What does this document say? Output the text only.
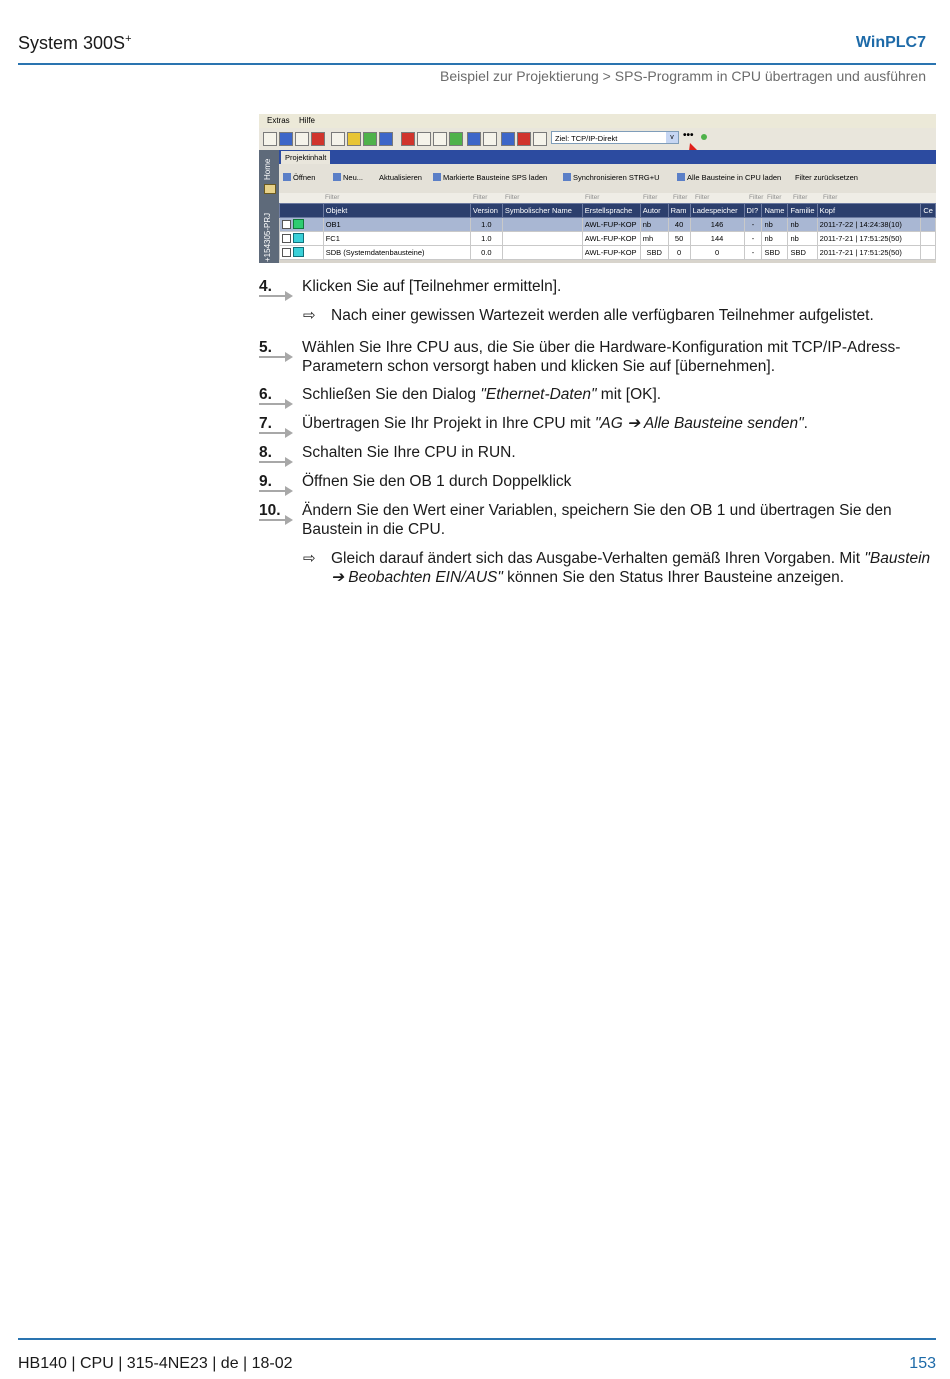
System 300S+	WinPLC7
Beispiel zur Projektierung > SPS-Programm in CPU übertragen und ausführen
Extras Hilfe
Ziel: TCP/IP-Direkt	v •••
Home
+154305-PRJ
Projektinhalt
Öffnen	Neu... Aktualisieren	Markierte Bausteine SPS laden	Synchronisieren STRG+U	Alle Bausteine in CPU laden Filter zurücksetzen
Filter	Filter	Filter	Filter	Filter Filter Filter	Filter Filter Filter Filter
	Objekt	Version	Symbolischer Name	Erstellsprache	Autor	Ram	Ladespeicher	DI?	Name	Familie	Kopf	Ce
	OB1	1.0		AWL-FUP-KOP	nb	40	146	-	nb	nb	2011-7-22 | 14:24:38(10)	
	FC1	1.0		AWL-FUP-KOP	mh	50	144	-	nb	nb	2011-7-21 | 17:51:25(50)	
	SDB (Systemdatenbausteine)	0.0		AWL-FUP-KOP	SBD	0	0	-	SBD	SBD	2011-7-21 | 17:51:25(50)	
4.	Klicken Sie auf [Teilnehmer ermitteln].
⇨ Nach einer gewissen Wartezeit werden alle verfügbaren Teilnehmer aufgelistet.
5.	Wählen Sie Ihre CPU aus, die Sie über die Hardware-Konfiguration mit TCP/IP-Adress-Parametern schon versorgt haben und klicken Sie auf [übernehmen].
6.	Schließen Sie den Dialog "Ethernet-Daten" mit [OK].
7.	Übertragen Sie Ihr Projekt in Ihre CPU mit "AG ➔ Alle Bausteine senden".
8.	Schalten Sie Ihre CPU in RUN.
9.	Öffnen Sie den OB 1 durch Doppelklick
10.	Ändern Sie den Wert einer Variablen, speichern Sie den OB 1 und übertragen Sie den Baustein in die CPU.
⇨ Gleich darauf ändert sich das Ausgabe-Verhalten gemäß Ihren Vorgaben. Mit "Baustein ➔ Beobachten EIN/AUS" können Sie den Status Ihrer Bausteine anzeigen.
HB140 | CPU | 315-4NE23 | de | 18-02	153
